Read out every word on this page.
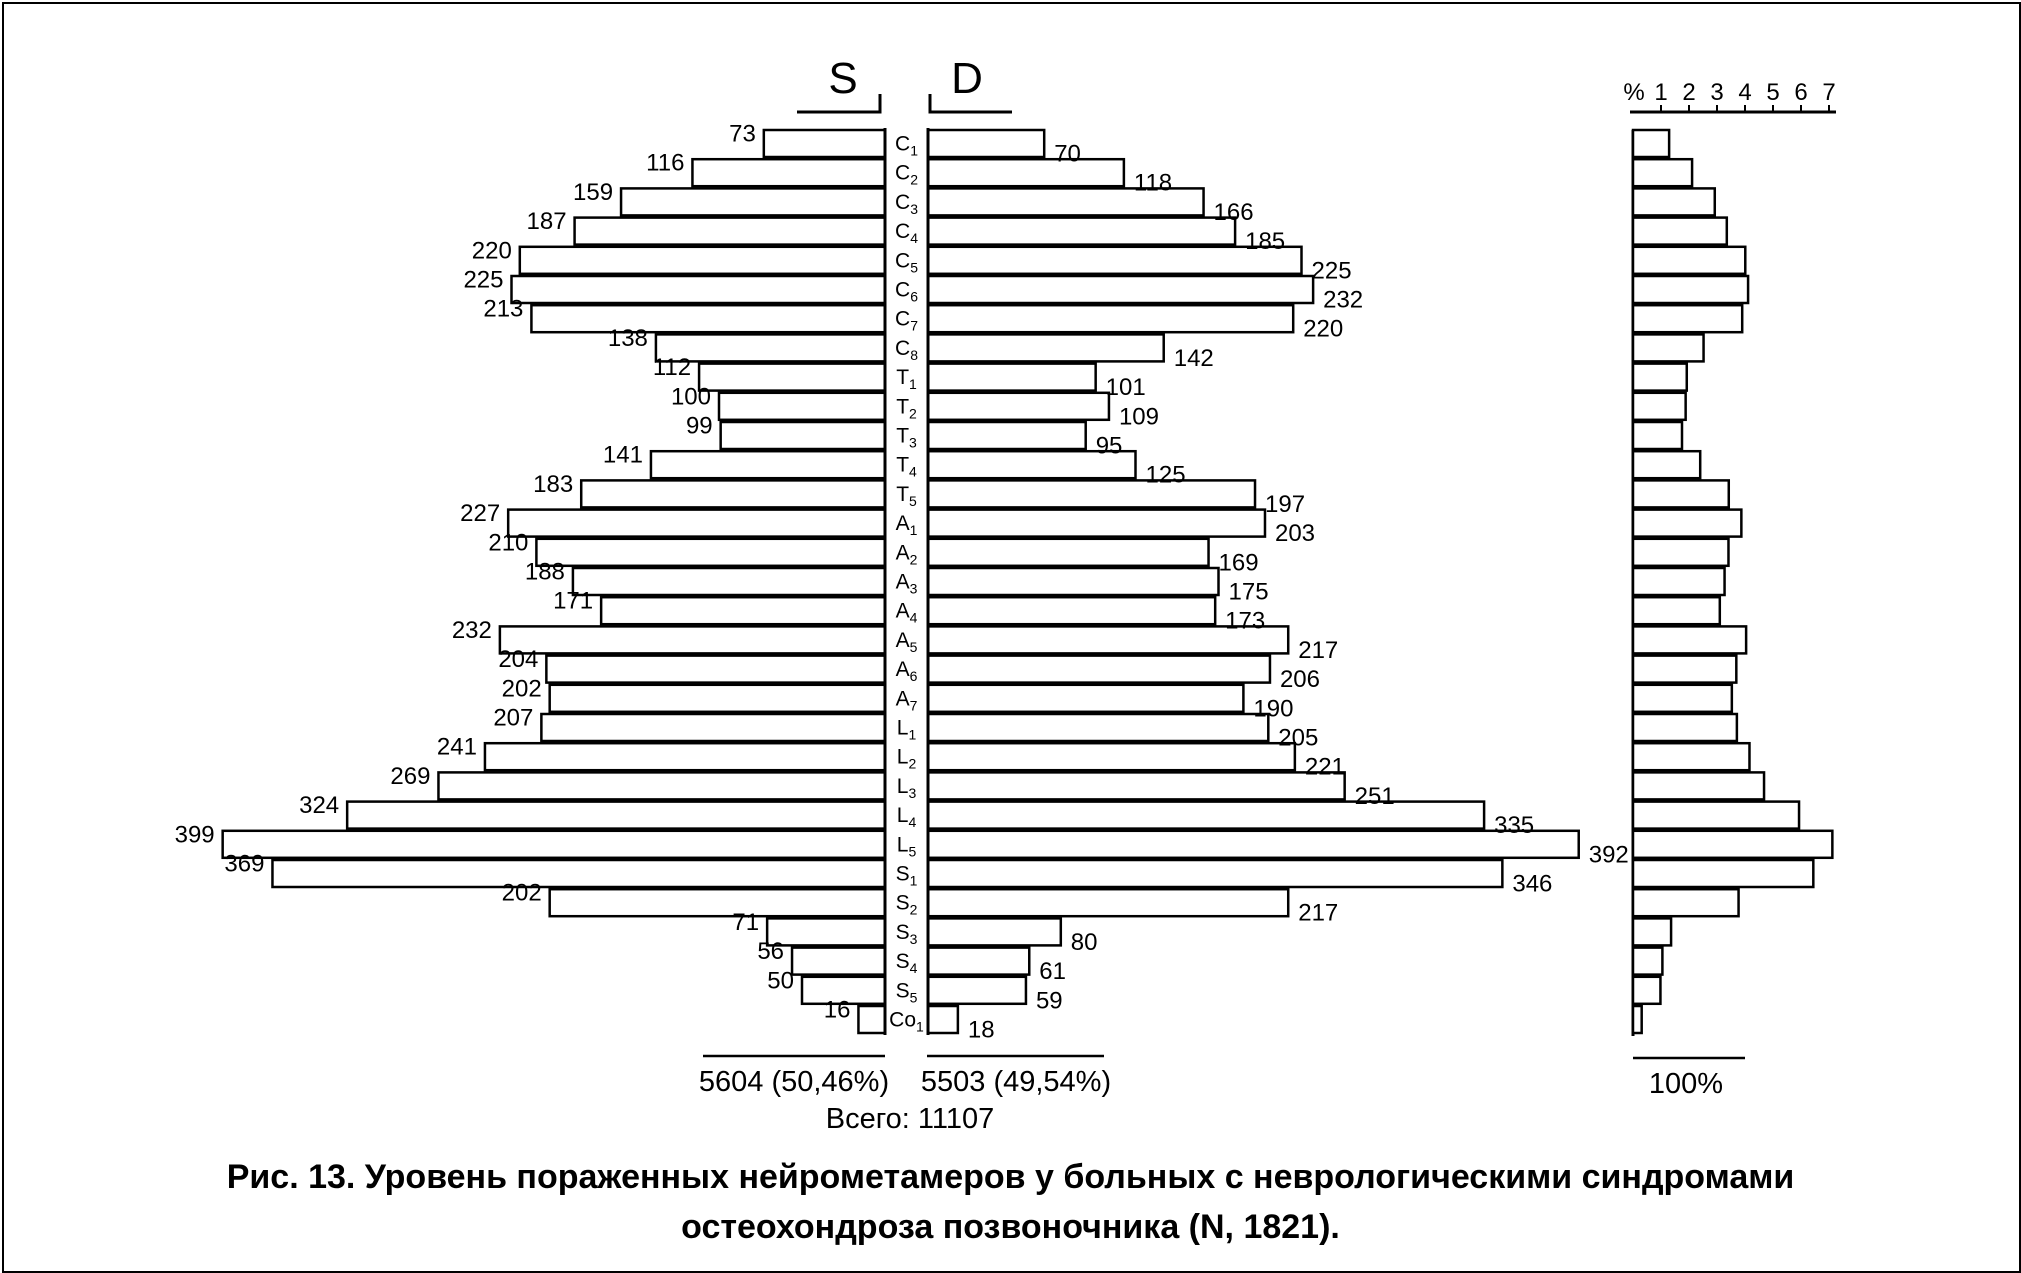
S D
73
116
159
187
220
225
213
138
112
100
99
141
183
227
210
188
171
232
204
202
207
241
269
324
399
369
202
71
56
50
16
70
118
166
185
225
232
220
142
101
109
95
125
197
203
169
175
173
217
206
190
205
221
251
335
392
346
217
80
61
59
18
$C_1$
$C_2$
$C_3$
$C_4$
$C_5$
$C_6$
$C_7$
$C_8$
$T_1$
$T_2$
$T_3$
$T_4$
$T_5$
$A_1$
$A_2$
$A_3$
$A_4$
$A_5$
$A_6$
$A_7$
$L_1$
$L_2$
$L_3$
$L_4$
$L_5$
$S_1$
$S_2$
$S_3$
$S_4$
$S_5$
$Co_1$
5604 (50,46%) 5503 (49,54%)
Всего: 11107
% 1 2 3 4 5 6 7
100%
Рис. 13. Уровень пораженных нейрометамеров у больных с неврологическими синдромами
остеохондроза позвоночника (N, 1821).
